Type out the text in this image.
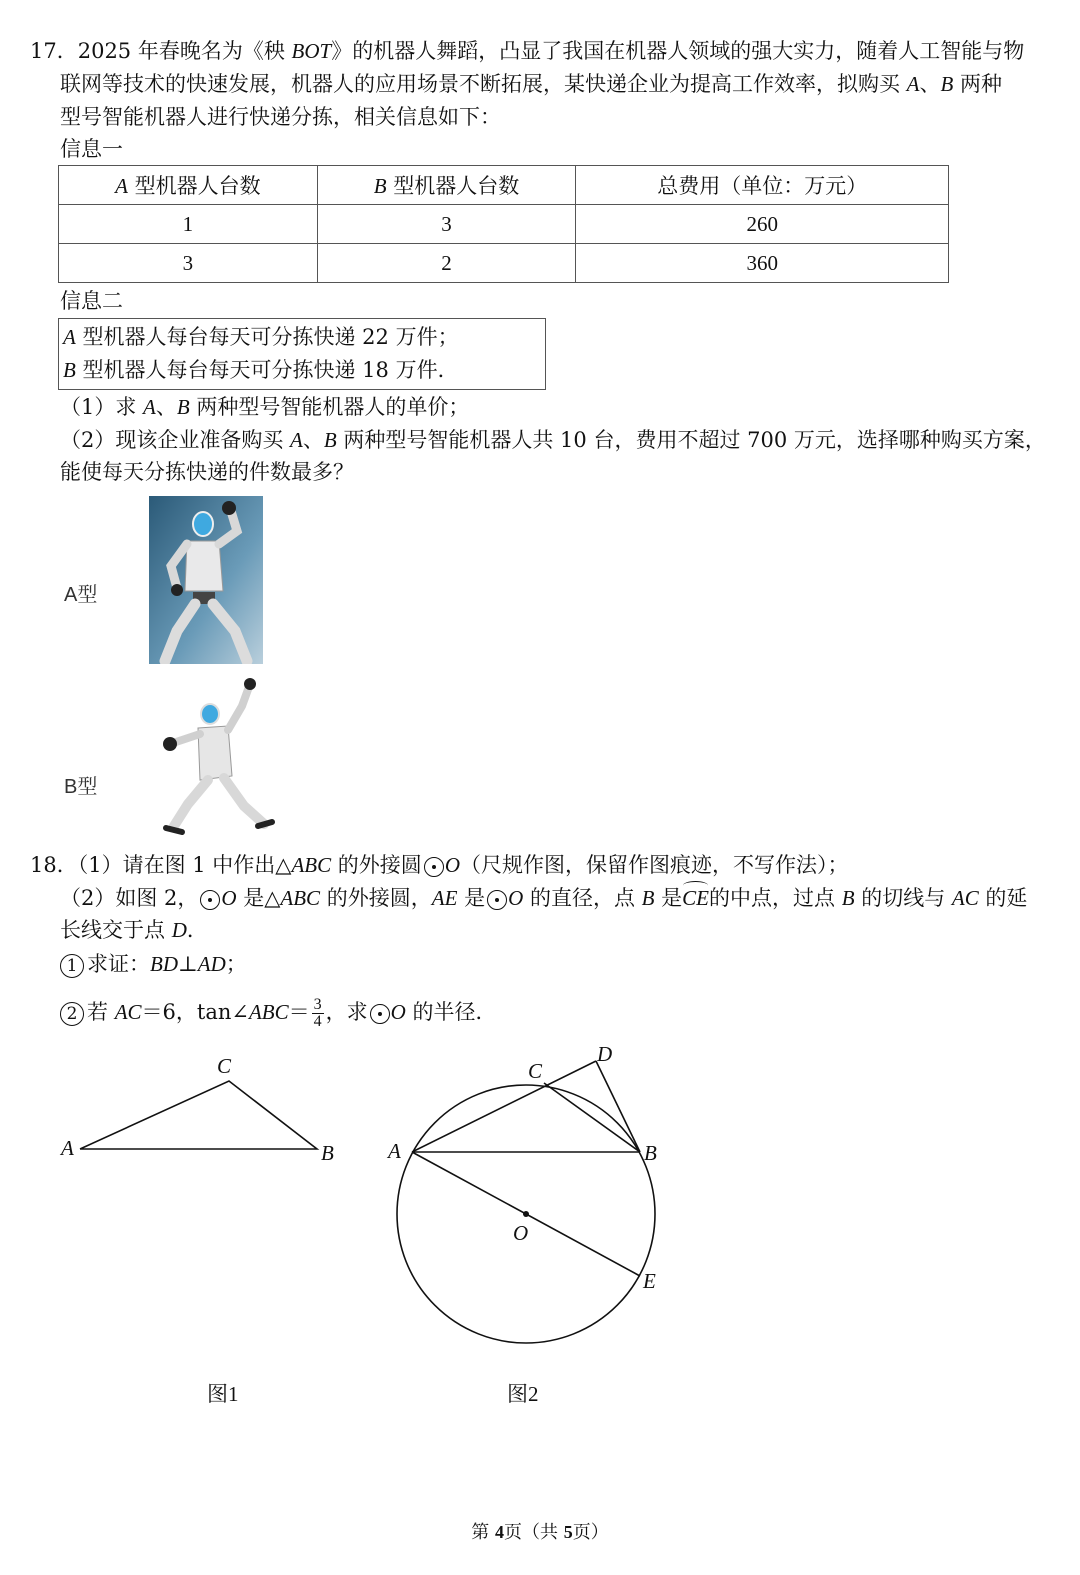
17．2025 年春晚名为《秧 BOT》的机器人舞蹈，凸显了我国在机器人领域的强大实力，随着人工智能与物
联网等技术的快速发展，机器人的应用场景不断拓展，某快递企业为提高工作效率，拟购买 A、B 两种
型号智能机器人进行快递分拣，相关信息如下：
信息一
A 型机器人台数	B 型机器人台数	总费用（单位：万元）
1	3	260
3	2	360
信息二
A 型机器人每台每天可分拣快递 22 万件；
B 型机器人每台每天可分拣快递 18 万件．
（1）求 A、B 两种型号智能机器人的单价；
（2）现该企业准备购买 A、B 两种型号智能机器人共 10 台，费用不超过 700 万元，选择哪种购买方案，
能使每天分拣快递的件数最多？
A型
B型
18．（1）请在图 1 中作出△ABC 的外接圆 O（尺规作图，保留作图痕迹，不写作法）；
（2）如图 2， O 是△ABC 的外接圆，AE 是 O 的直径，点 B 是CE的中点，过点 B 的切线与 AC 的延
长线交于点 D．
1 求证：BD⊥AD；
2 若 AC＝6，tan∠ABC＝ $\frac{3}{4}$ ，求 O 的半径．
A	B
C
图1
A	B
C
D
E
O
图2
第 4页（共 5页）
